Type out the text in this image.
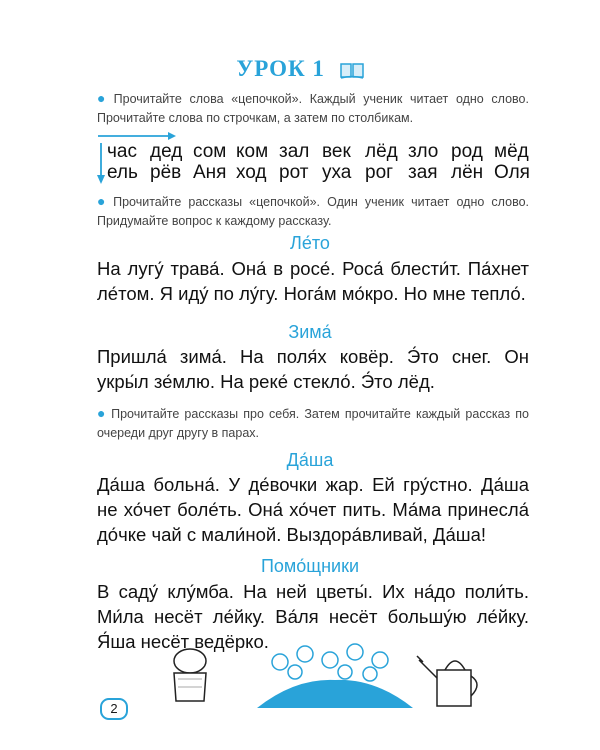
УРОК 1
● Прочитайте слова «цепочкой». Каждый ученик читает одно слово. Прочитайте слова по строчкам, а затем по столбикам.
час дед сом ком зал век лёд зло род мёд
ель рёв Аня ход рот уха рог зая лён Оля
● Прочитайте рассказы «цепочкой». Один ученик читает одно слово. Придумайте вопрос к каждому рассказу.
Ле́то
На лугу́ трава́. Она́ в росе́. Роса́ блести́т. Па́хнет ле́том. Я иду́ по лу́гу. Нога́м мо́кро. Но мне тепло́.
Зима́
Пришла́ зима́. На поля́х ковёр. Э́то снег. Он укры́л зе́млю. На реке́ стекло́. Э́то лёд.
● Прочитайте рассказы про себя. Затем прочитайте каждый рассказ по очереди друг другу в парах.
Да́ша
Да́ша больна́. У де́вочки жар. Ей гру́стно. Да́ша не хо́чет боле́ть. Она́ хо́чет пить. Ма́ма принесла́ до́чке чай с мали́ной. Выздора́вливай, Да́ша!
Помо́щники
В саду́ клу́мба. На ней цветы́. Их на́до поли́ть. Ми́ла несёт ле́йку. Ва́ля несёт большу́ю ле́йку. Я́ша несёт ведёрко.
2
